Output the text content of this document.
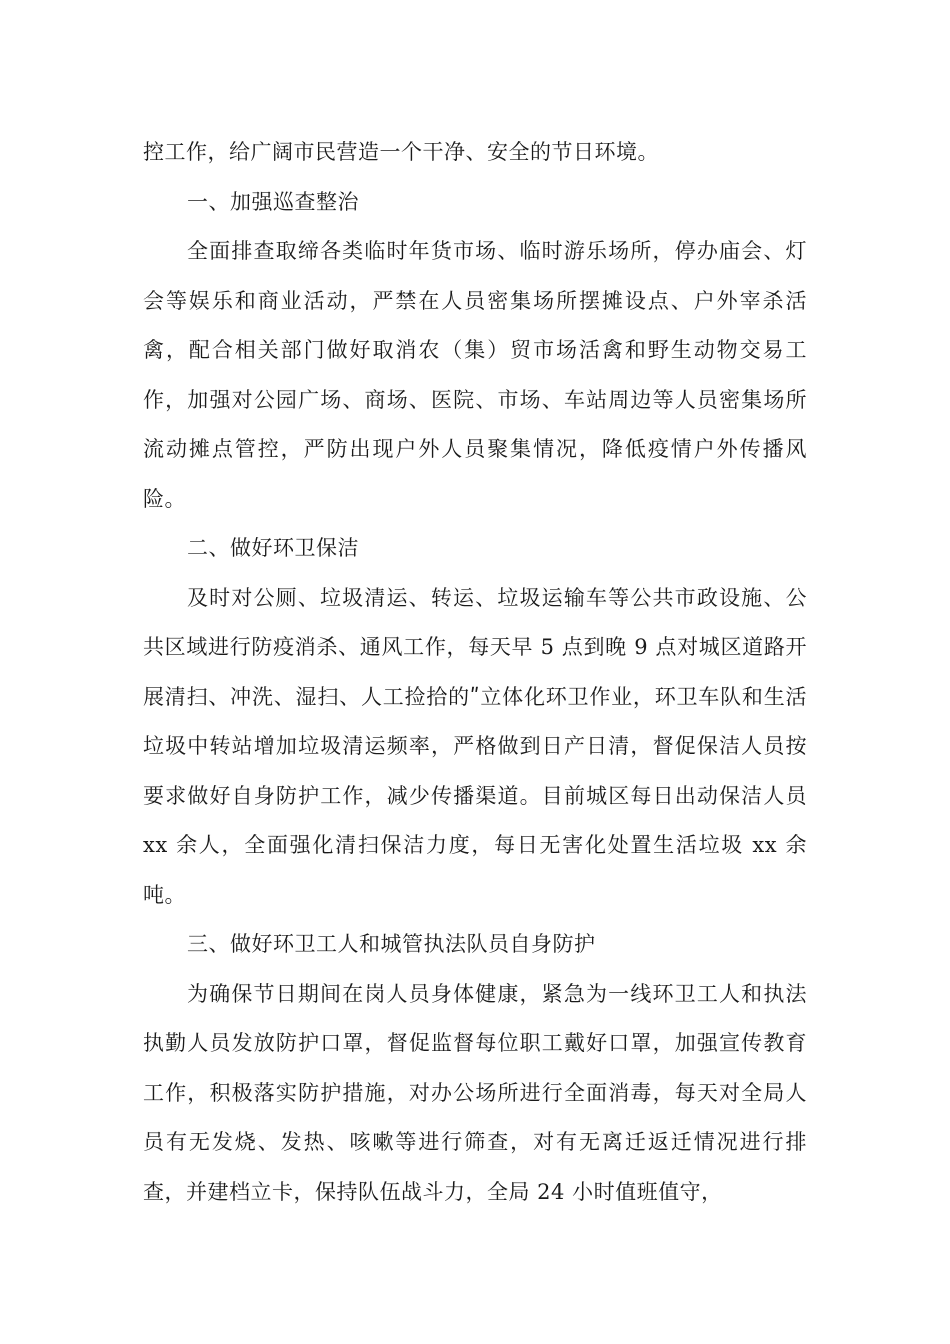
控工作，给广阔市民营造一个干净、安全的节日环境。

一、加强巡查整治

全面排查取缔各类临时年货市场、临时游乐场所，停办庙会、灯会等娱乐和商业活动，严禁在人员密集场所摆摊设点、户外宰杀活禽，配合相关部门做好取消农（集）贸市场活禽和野生动物交易工作，加强对公园广场、商场、医院、市场、车站周边等人员密集场所流动摊点管控，严防出现户外人员聚集情况，降低疫情户外传播风险。

二、做好环卫保洁

及时对公厕、垃圾清运、转运、垃圾运输车等公共市政设施、公共区域进行防疫消杀、通风工作，每天早 5 点到晚 9 点对城区道路开展清扫、冲洗、湿扫、人工捡拾的ʺ立体化环卫作业，环卫车队和生活垃圾中转站增加垃圾清运频率，严格做到日产日清，督促保洁人员按要求做好自身防护工作，减少传播渠道。目前城区每日出动保洁人员 xx 余人，全面强化清扫保洁力度，每日无害化处置生活垃圾 xx 余吨。

三、做好环卫工人和城管执法队员自身防护

为确保节日期间在岗人员身体健康，紧急为一线环卫工人和执法执勤人员发放防护口罩，督促监督每位职工戴好口罩，加强宣传教育工作，积极落实防护措施，对办公场所进行全面消毒，每天对全局人员有无发烧、发热、咳嗽等进行筛查，对有无离迁返迁情况进行排查，并建档立卡，保持队伍战斗力，全局 24 小时值班值守，
